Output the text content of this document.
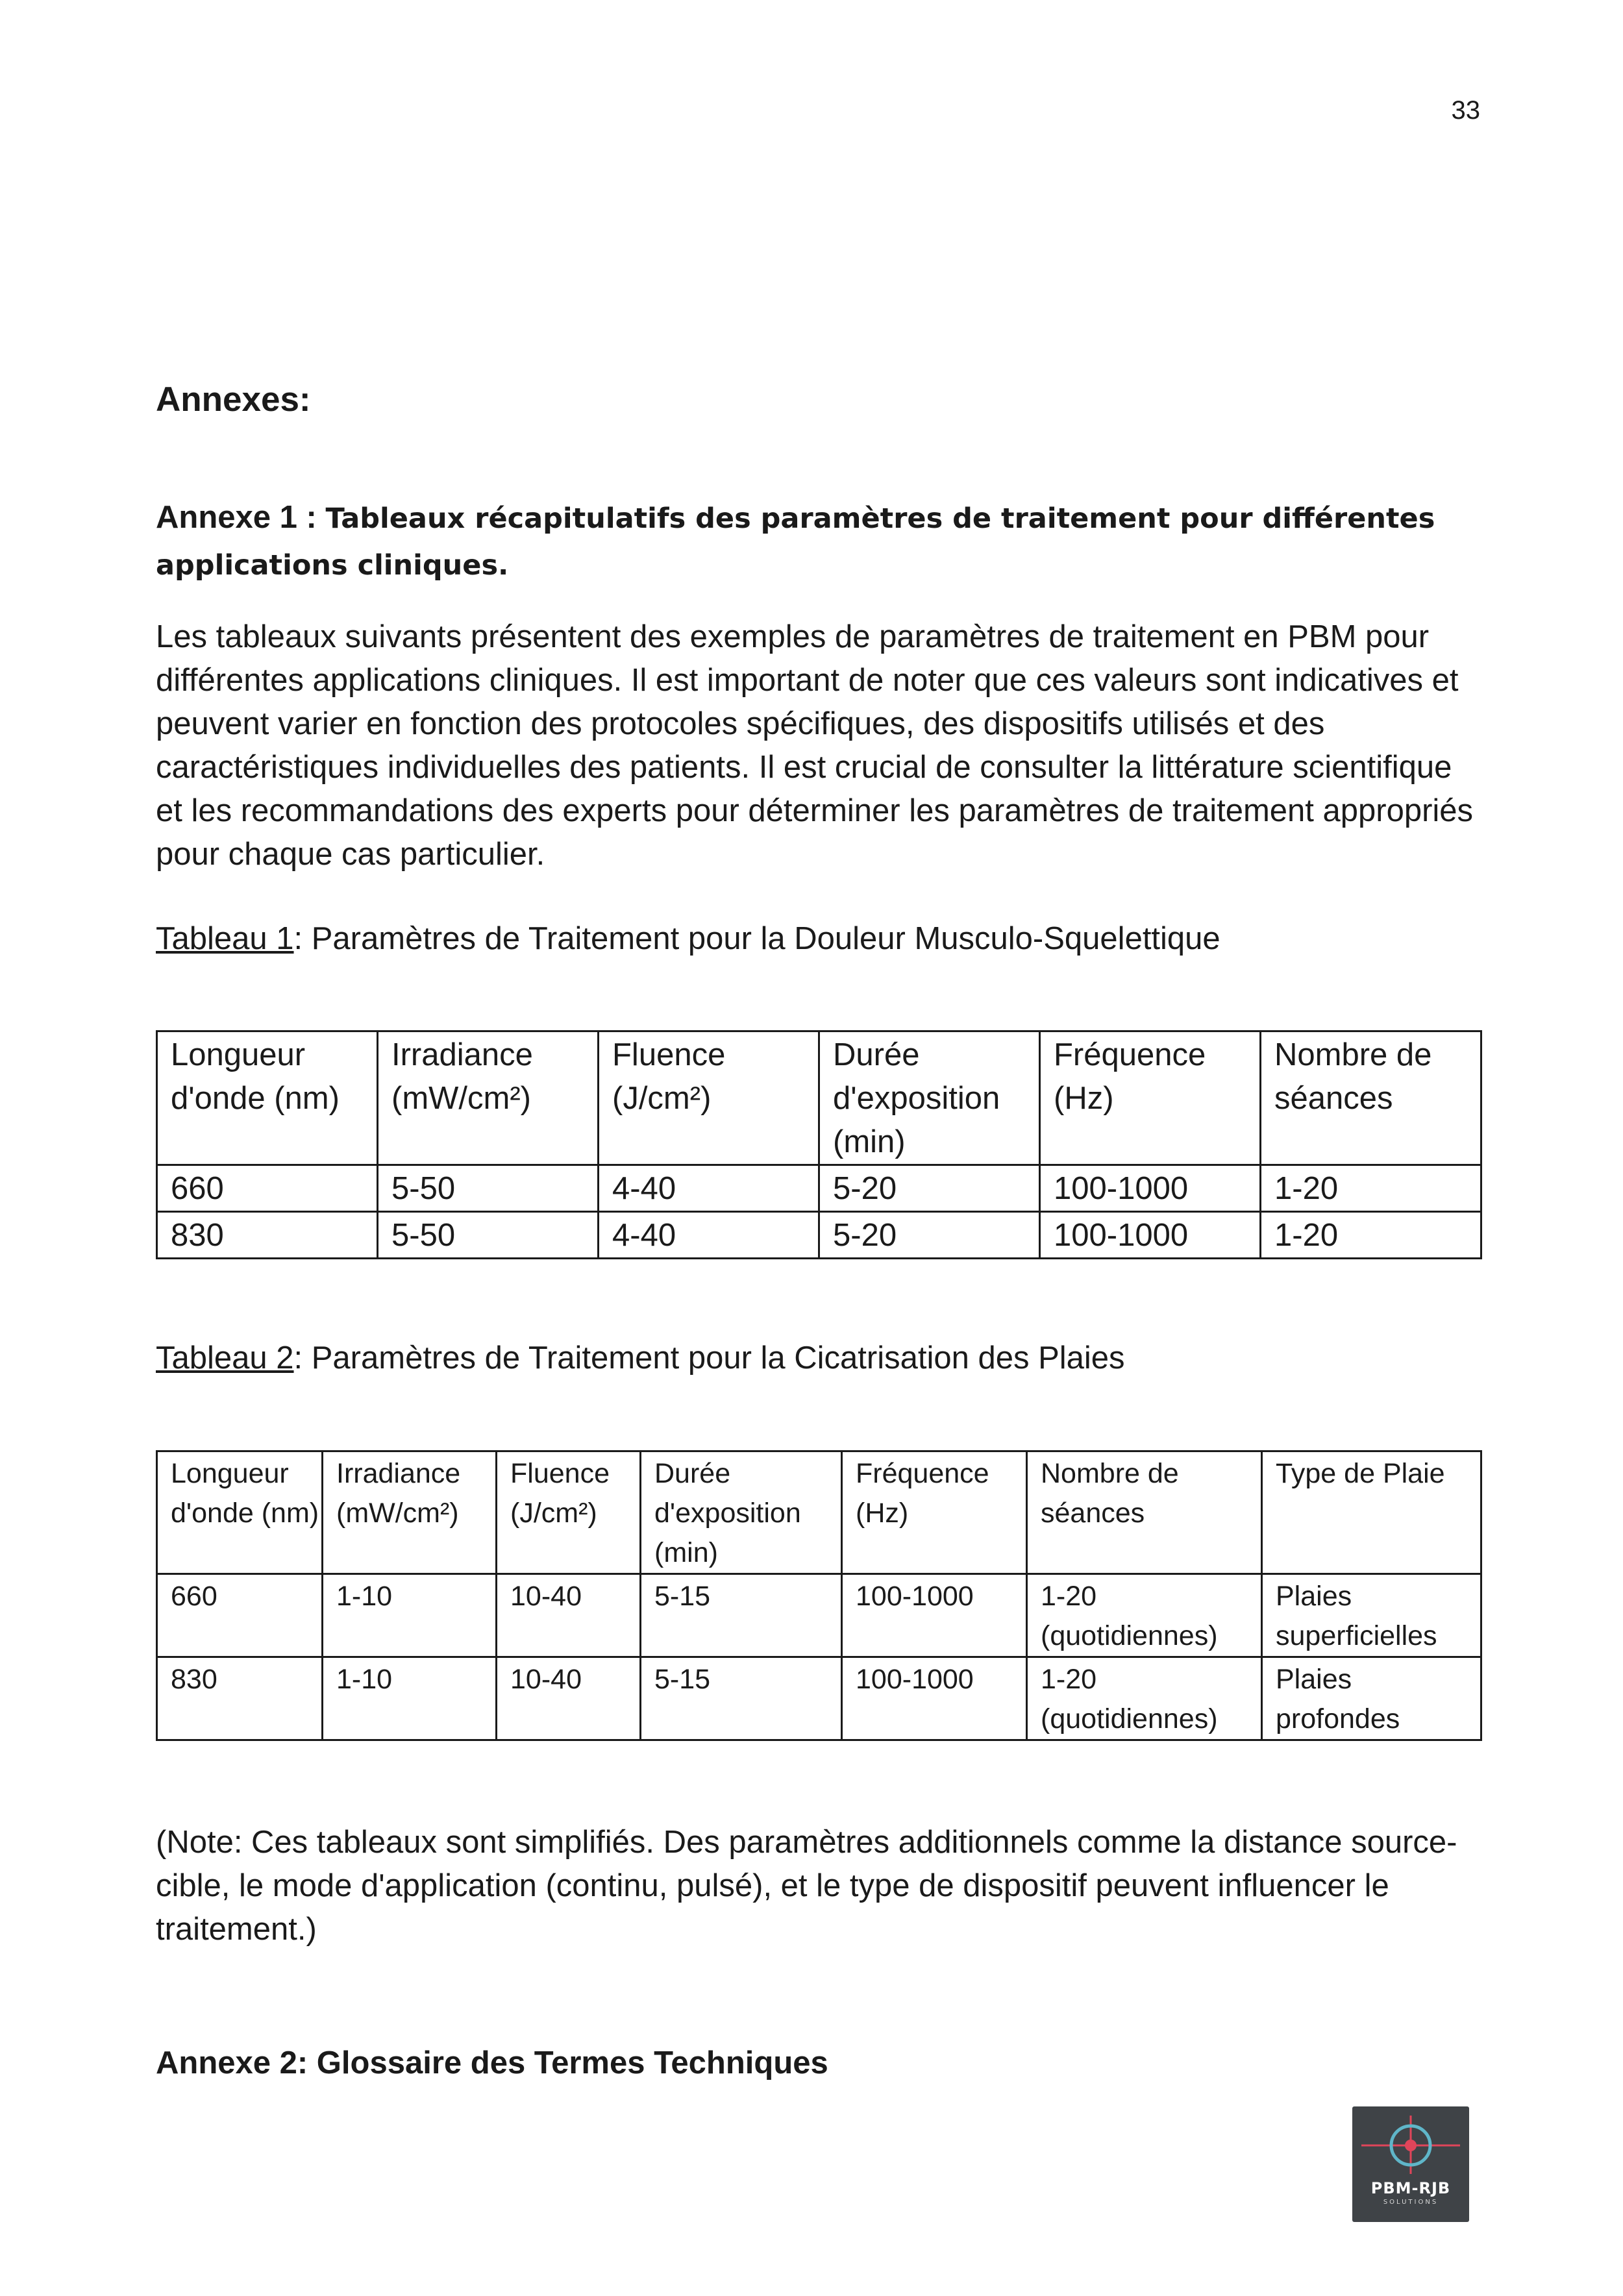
33
Annexes:
Annexe 1 : Tableaux récapitulatifs des paramètres de traitement pour différentes applications cliniques.

Les tableaux suivants présentent des exemples de paramètres de traitement en PBM pour différentes applications cliniques. Il est important de noter que ces valeurs sont indicatives et peuvent varier en fonction des protocoles spécifiques, des dispositifs utilisés et des caractéristiques individuelles des patients. Il est crucial de consulter la littérature scientifique et les recommandations des experts pour déterminer les paramètres de traitement appropriés pour chaque cas particulier.

Tableau 1: Paramètres de Traitement pour la Douleur Musculo-Squelettique
Longueur d'onde (nm)	Irradiance (mW/cm²)	Fluence (J/cm²)	Durée d'exposition (min)	Fréquence (Hz)	Nombre de séances
660	5-50	4-40	5-20	100-1000	1-20
830	5-50	4-40	5-20	100-1000	1-20
Tableau 2: Paramètres de Traitement pour la Cicatrisation des Plaies
Longueur d'onde (nm)	Irradiance (mW/cm²)	Fluence (J/cm²)	Durée d'exposition (min)	Fréquence (Hz)	Nombre de séances	Type de Plaie
660	1-10	10-40	5-15	100-1000	1-20 (quotidiennes)	Plaies superficielles
830	1-10	10-40	5-15	100-1000	1-20 (quotidiennes)	Plaies profondes

(Note: Ces tableaux sont simplifiés. Des paramètres additionnels comme la distance source-cible, le mode d'application (continu, pulsé), et le type de dispositif peuvent influencer le traitement.)

Annexe 2: Glossaire des Termes Techniques
PBM-RJB
SOLUTIONS
